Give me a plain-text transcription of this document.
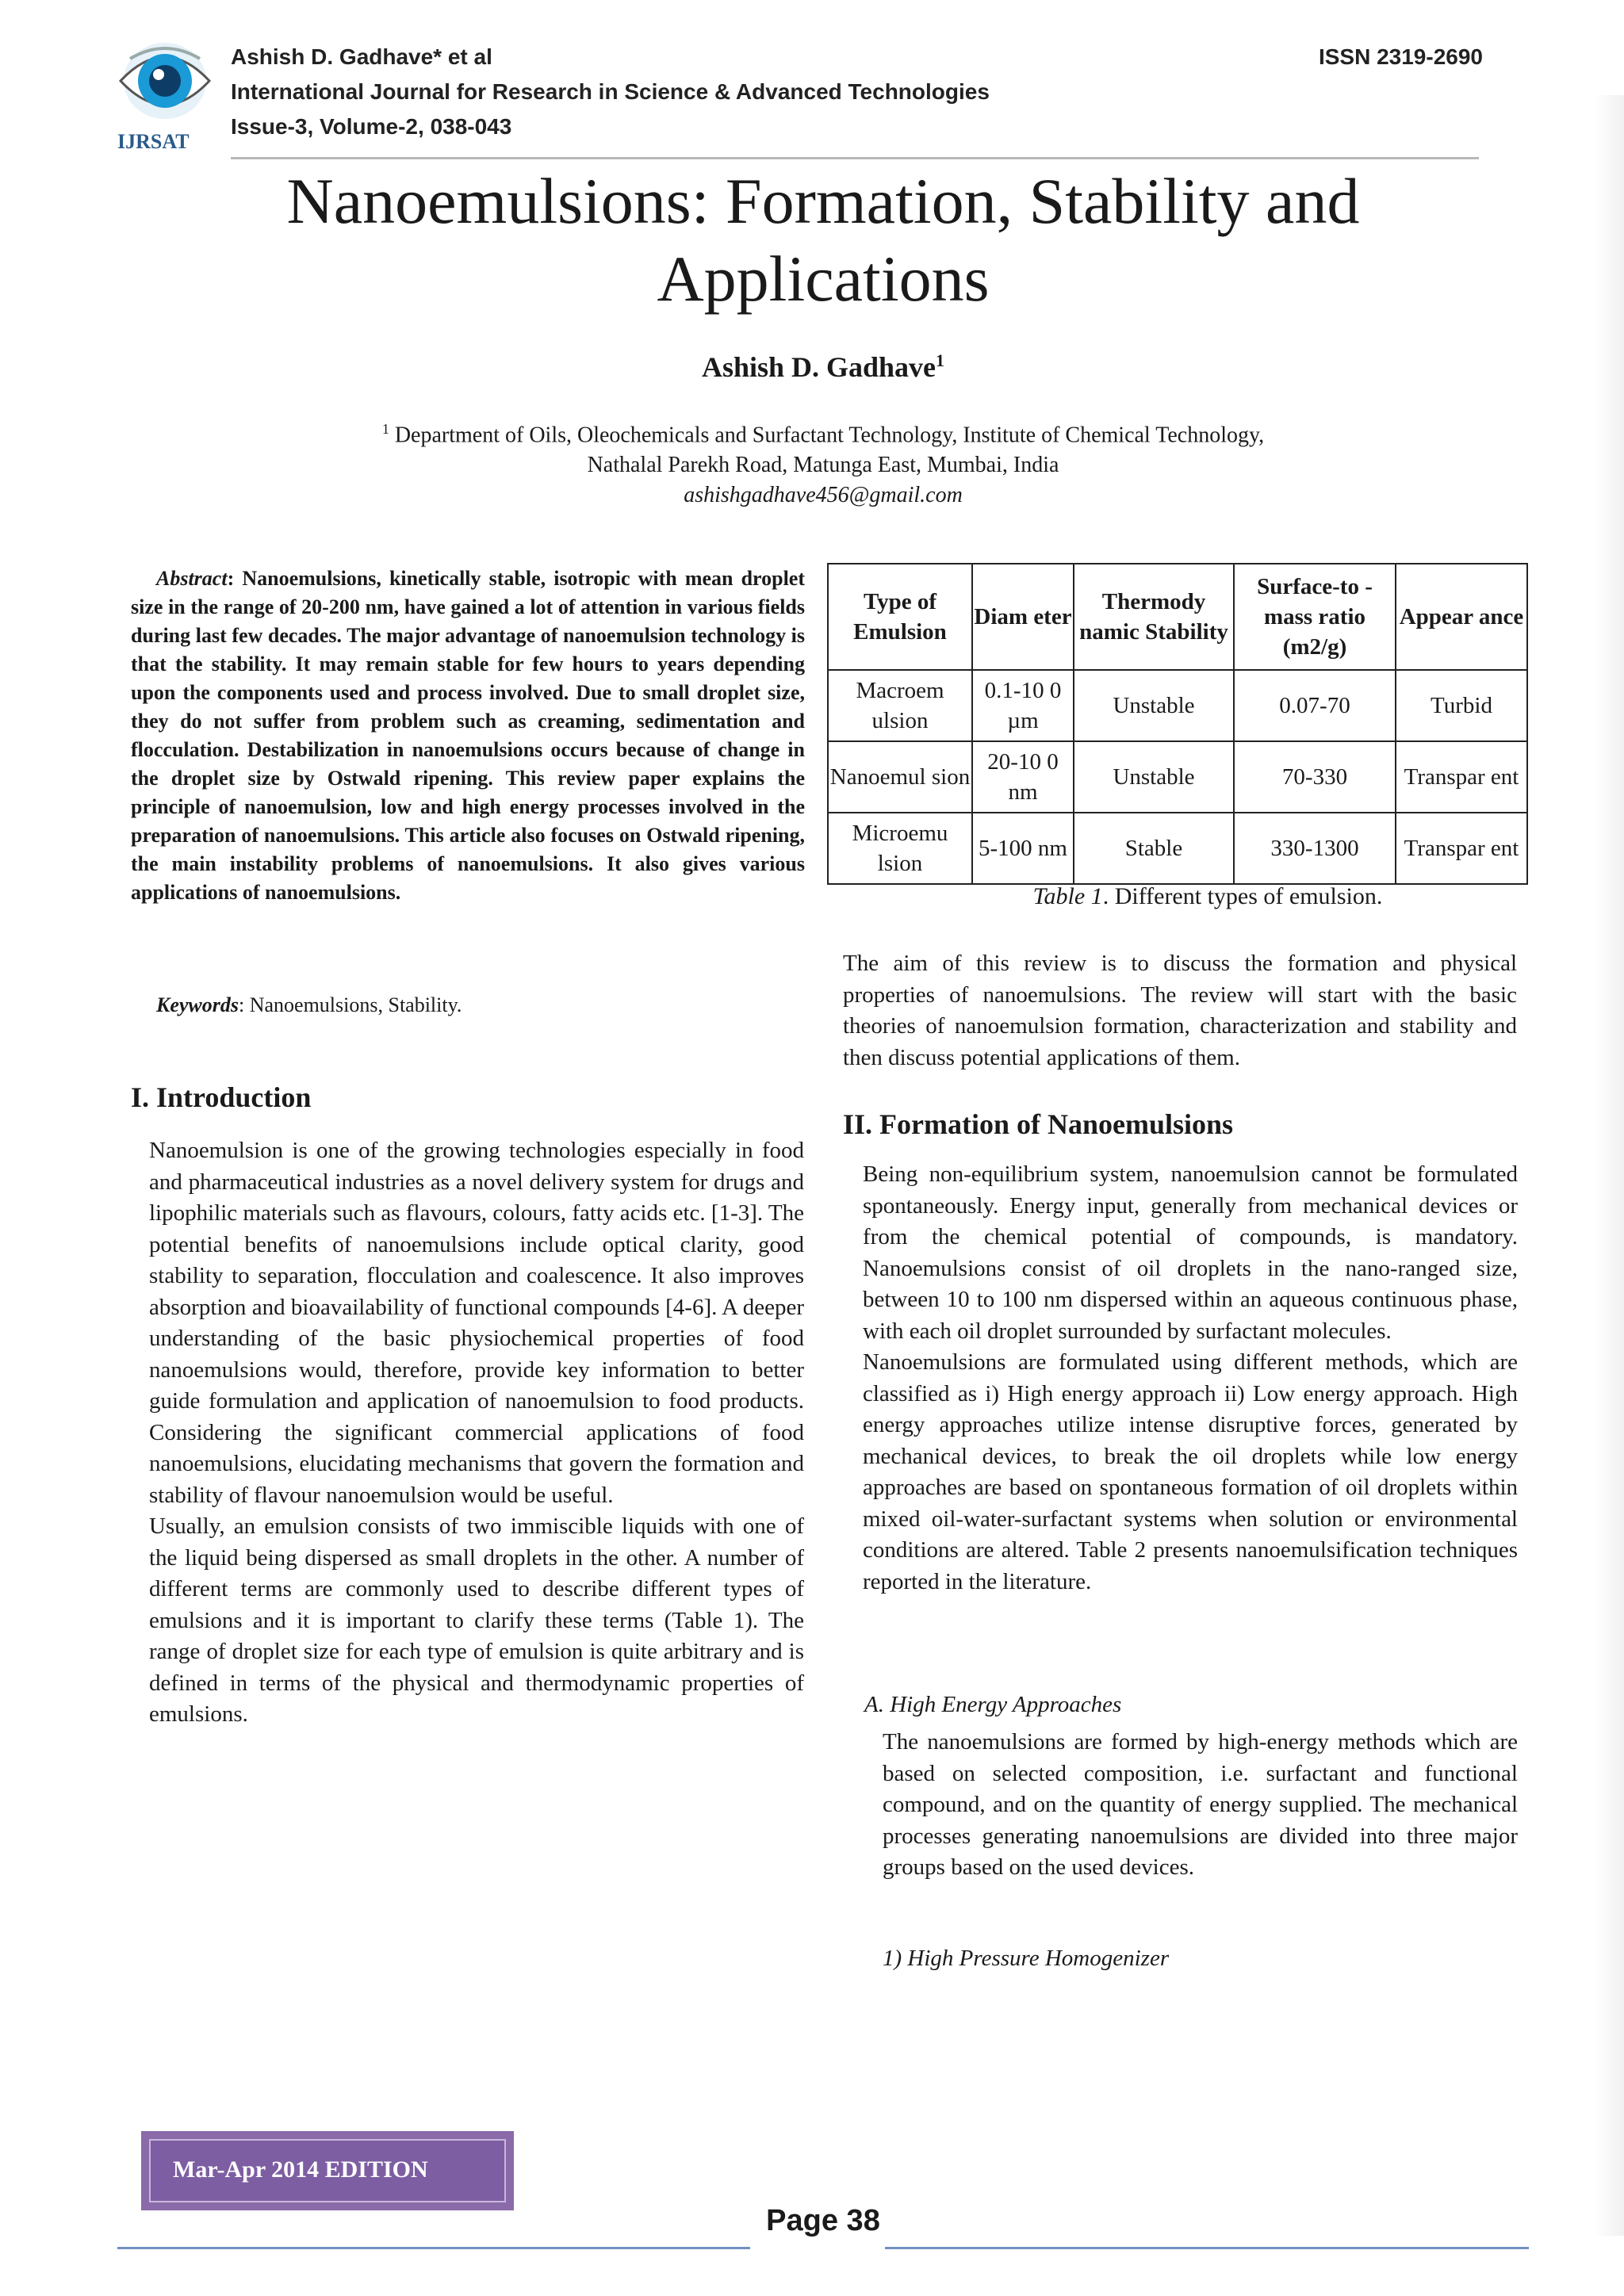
IJRSAT
Ashish D. Gadhave* et al
International Journal for Research in Science & Advanced Technologies
Issue-3, Volume-2, 038-043
ISSN 2319-2690
Nanoemulsions: Formation, Stability and
Applications
Ashish D. Gadhave$^1$
$^1$ Department of Oils, Oleochemicals and Surfactant Technology, Institute of Chemical Technology,
Nathalal Parekh Road, Matunga East, Mumbai, India
ashishgadhave456@gmail.com
Abstract: Nanoemulsions, kinetically stable, isotropic with mean droplet size in the range of 20-200 nm, have gained a lot of attention in various fields during last few decades. The major advantage of nanoemulsion technology is that the stability. It may remain stable for few hours to years depending upon the components used and process involved. Due to small droplet size, they do not suffer from problem such as creaming, sedimentation and flocculation. Destabilization in nanoemulsions occurs because of change in the droplet size by Ostwald ripening. This review paper explains the principle of nanoemulsion, low and high energy processes involved in the preparation of nanoemulsions. This article also focuses on Ostwald ripening, the main instability problems of nanoemulsions. It also gives various applications of nanoemulsions.
Keywords: Nanoemulsions, Stability.
I. Introduction

Nanoemulsion is one of the growing technologies especially in food and pharmaceutical industries as a novel delivery system for drugs and lipophilic materials such as flavours, colours, fatty acids etc. [1-3]. The potential benefits of nanoemulsions include optical clarity, good stability to separation, flocculation and coalescence. It also improves absorption and bioavailability of functional compounds [4-6]. A deeper understanding of the basic physiochemical properties of food nanoemulsions would, therefore, provide key information to better guide formulation and application of nanoemulsion to food products. Considering the significant commercial applications of food nanoemulsions, elucidating mechanisms that govern the formation and stability of flavour nanoemulsion would be useful.

Usually, an emulsion consists of two immiscible liquids with one of the liquid being dispersed as small droplets in the other. A number of different terms are commonly used to describe different types of emulsions and it is important to clarify these terms (Table 1). The range of droplet size for each type of emulsion is quite arbitrary and is defined in terms of the physical and thermodynamic properties of emulsions.

Type of Emulsion	Diam eter	Thermody namic Stability	Surface-to -mass ratio (m2/g)	Appear ance
Macroem ulsion	0.1-10 0 µm	Unstable	0.07-70	Turbid
Nanoemul sion	20-10 0 nm	Unstable	70-330	Transpar ent
Microemu lsion	5-100 nm	Stable	330-1300	Transpar ent
Table 1. Different types of emulsion.
The aim of this review is to discuss the formation and physical properties of nanoemulsions. The review will start with the basic theories of nanoemulsion formation, characterization and stability and then discuss potential applications of them.
II. Formation of Nanoemulsions

Being non-equilibrium system, nanoemulsion cannot be formulated spontaneously. Energy input, generally from mechanical devices or from the chemical potential of compounds, is mandatory. Nanoemulsions consist of oil droplets in the nano-ranged size, between 10 to 100 nm dispersed within an aqueous continuous phase, with each oil droplet surrounded by surfactant molecules.

Nanoemulsions are formulated using different methods, which are classified as i) High energy approach ii) Low energy approach. High energy approaches utilize intense disruptive forces, generated by mechanical devices, to break the oil droplets while low energy approaches are based on spontaneous formation of oil droplets within mixed oil-water-surfactant systems when solution or environmental conditions are altered. Table 2 presents nanoemulsification techniques reported in the literature.

A. High Energy Approaches
The nanoemulsions are formed by high-energy methods which are based on selected composition, i.e. surfactant and functional compound, and on the quantity of energy supplied. The mechanical processes generating nanoemulsions are divided into three major groups based on the used devices.
1) High Pressure Homogenizer
Mar-Apr 2014 EDITION
Page 38
